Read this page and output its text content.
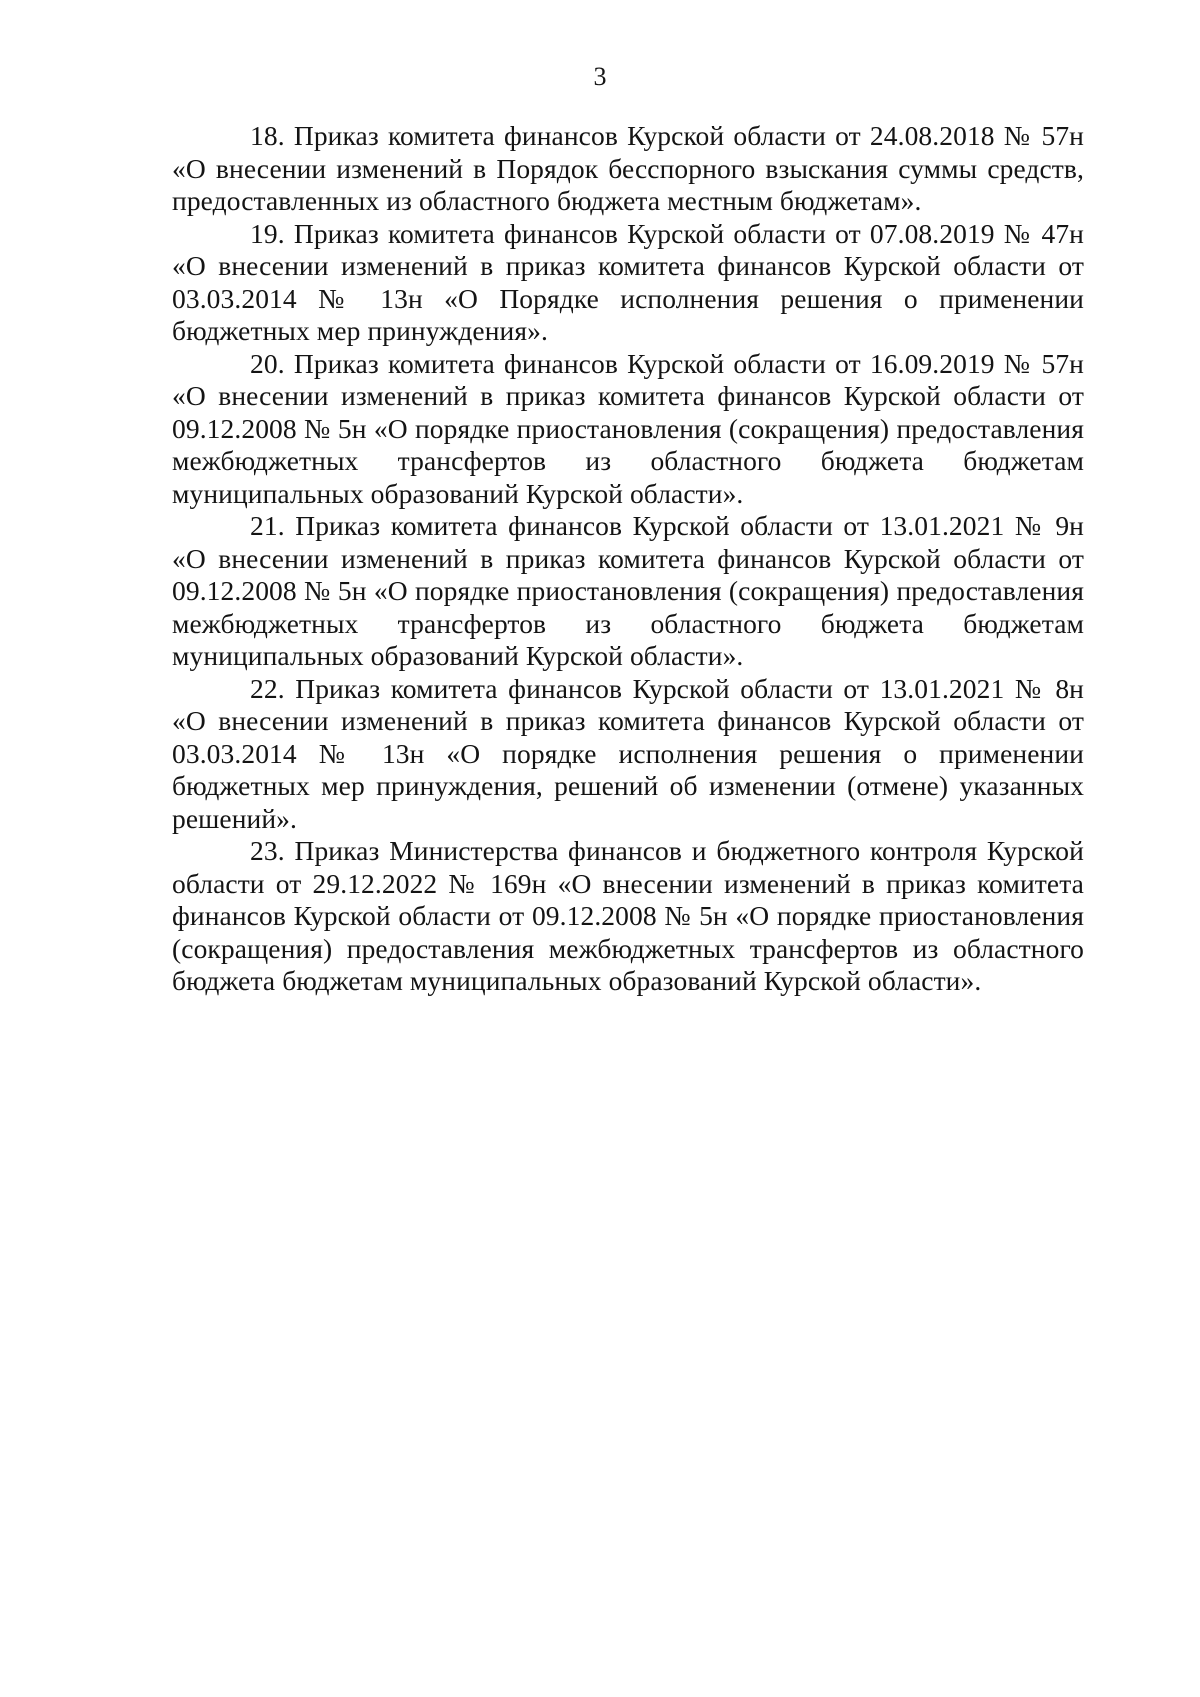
3

18. Приказ комитета финансов Курской области от 24.08.2018 № 57н «О внесении изменений в Порядок бесспорного взыскания суммы средств, предоставленных из областного бюджета местным бюджетам».

19. Приказ комитета финансов Курской области от 07.08.2019 № 47н «О внесении изменений в приказ комитета финансов Курской области от 03.03.2014 № 13н «О Порядке исполнения решения о применении бюджетных мер принуждения».

20. Приказ комитета финансов Курской области от 16.09.2019 № 57н «О внесении изменений в приказ комитета финансов Курской области от 09.12.2008 № 5н «О порядке приостановления (сокращения) предоставления межбюджетных трансфертов из областного бюджета бюджетам муниципальных образований Курской области».

21. Приказ комитета финансов Курской области от 13.01.2021 № 9н «О внесении изменений в приказ комитета финансов Курской области от 09.12.2008 № 5н «О порядке приостановления (сокращения) предоставления межбюджетных трансфертов из областного бюджета бюджетам муниципальных образований Курской области».

22. Приказ комитета финансов Курской области от 13.01.2021 № 8н «О внесении изменений в приказ комитета финансов Курской области от 03.03.2014 № 13н «О порядке исполнения решения о применении бюджетных мер принуждения, решений об изменении (отмене) указанных решений».

23. Приказ Министерства финансов и бюджетного контроля Курской области от 29.12.2022 № 169н «О внесении изменений в приказ комитета финансов Курской области от 09.12.2008 № 5н «О порядке приостановления (сокращения) предоставления межбюджетных трансфертов из областного бюджета бюджетам муниципальных образований Курской области».
